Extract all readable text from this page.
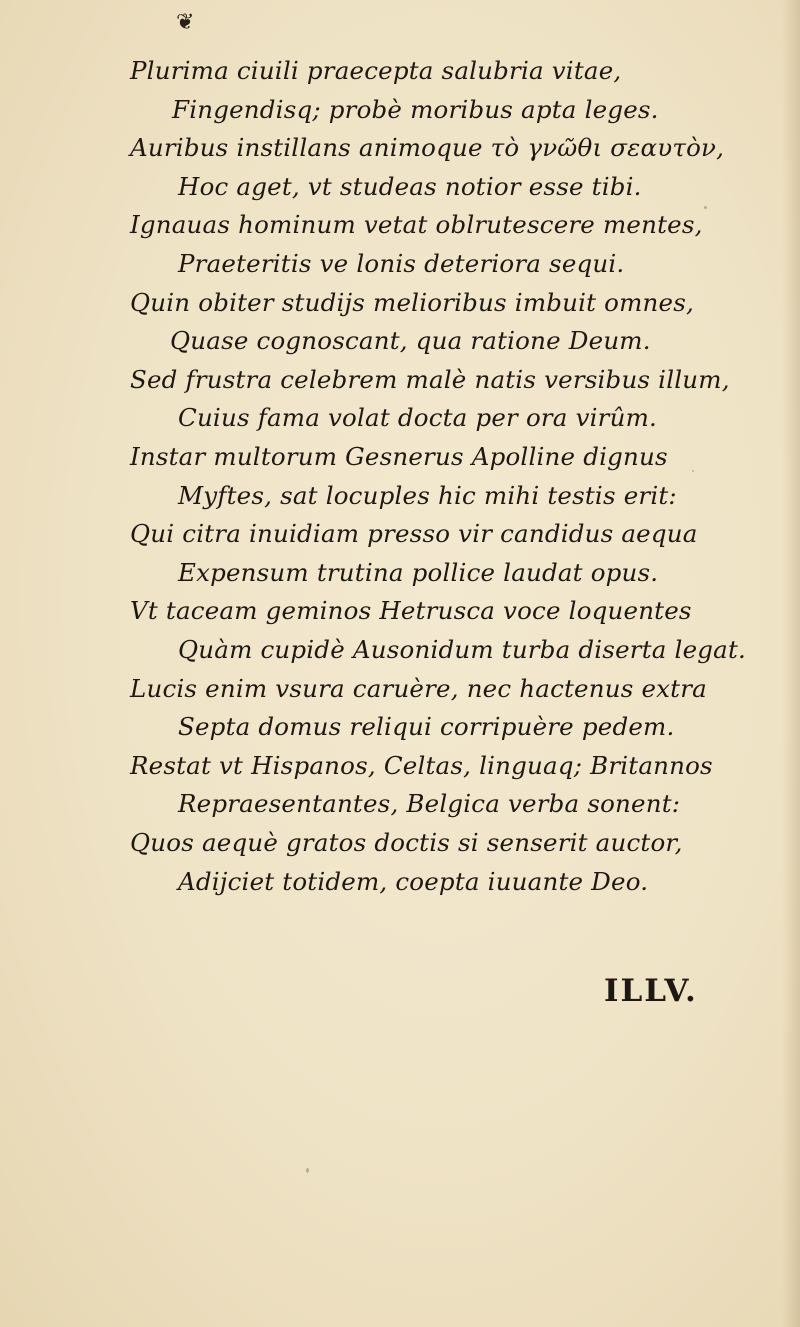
❦
Plurima ciuili praecepta salubria vitae,
Fingendisq; probè moribus apta leges.
Auribus instillans animoque τὸ γνῶθι σεαυτὸν,
Hoc aget, vt studeas notior esse tibi.
Ignauas hominum vetat oblrutescere mentes,
Praeteritis ve lonis deteriora sequi.
Quin obiter studijs melioribus imbuit omnes,
Quase cognoscant, qua ratione Deum.
Sed frustra celebrem malè natis versibus illum,
Cuius fama volat docta per ora virûm.
Instar multorum Gesnerus Apolline dignus
Myftes, sat locuples hic mihi testis erit:
Qui citra inuidiam presso vir candidus aequa
Expensum trutina pollice laudat opus.
Vt taceam geminos Hetrusca voce loquentes
Quàm cupidè Ausonidum turba diserta legat.
Lucis enim vsura caruère, nec hactenus extra
Septa domus reliqui corripuère pedem.
Restat vt Hispanos, Celtas, linguaq; Britannos
Repraesentantes, Belgica verba sonent:
Quos aequè gratos doctis si senserit auctor,
Adijciet totidem, coepta iuuante Deo.
ILLV.
